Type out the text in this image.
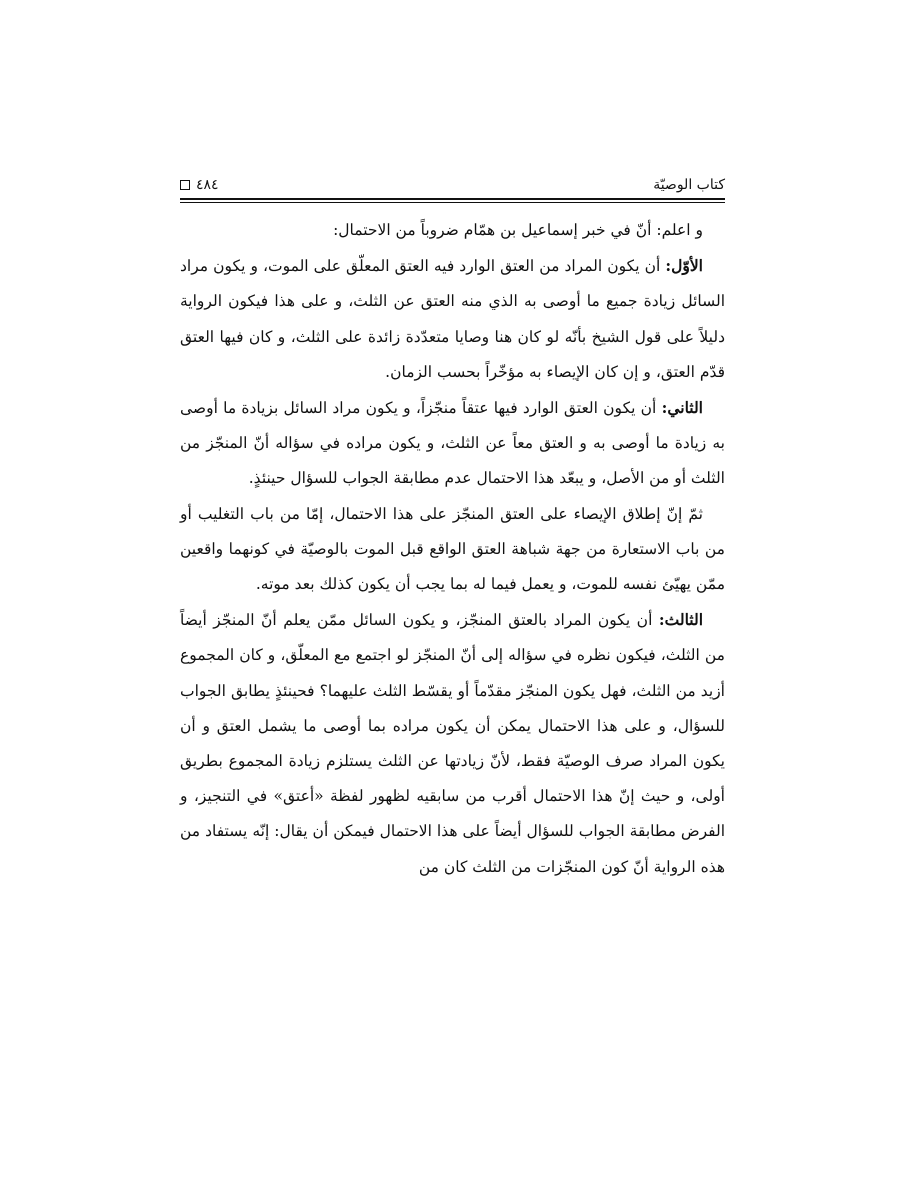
كتاب الوصيّة
٤٨٤

و اعلم: أنّ في خبر إسماعيل بن همّام ضروباً من الاحتمال:

الأوّل: أن يكون المراد من العتق الوارد فيه العتق المعلّق على الموت، و يكون مراد السائل زيادة جميع ما أوصى به الذي منه العتق عن الثلث، و على هذا فيكون الرواية دليلاً على قول الشيخ بأنّه لو كان هنا وصايا متعدّدة زائدة على الثلث، و كان فيها العتق قدّم العتق، و إن كان الإيصاء به مؤخّراً بحسب الزمان.

الثاني: أن يكون العتق الوارد فيها عتقاً منجّزاً، و يكون مراد السائل بزيادة ما أوصى به زيادة ما أوصى به و العتق معاً عن الثلث، و يكون مراده في سؤاله أنّ المنجّز من الثلث أو من الأصل، و يبعّد هذا الاحتمال عدم مطابقة الجواب للسؤال حينئذٍ.

ثمّ إنّ إطلاق الإيصاء على العتق المنجّز على هذا الاحتمال، إمّا من باب التغليب أو من باب الاستعارة من جهة شباهة العتق الواقع قبل الموت بالوصيّة في كونهما واقعين ممّن يهيّئ نفسه للموت، و يعمل فيما له بما يجب أن يكون كذلك بعد موته.

الثالث: أن يكون المراد بالعتق المنجّز، و يكون السائل ممّن يعلم أنّ المنجّز أيضاً من الثلث، فيكون نظره في سؤاله إلى أنّ المنجّز لو اجتمع مع المعلّق، و كان المجموع أزيد من الثلث، فهل يكون المنجّز مقدّماً أو يقسّط الثلث عليهما؟ فحينئذٍ يطابق الجواب للسؤال، و على هذا الاحتمال يمكن أن يكون مراده بما أوصى ما يشمل العتق و أن يكون المراد صرف الوصيّة فقط، لأنّ زيادتها عن الثلث يستلزم زيادة المجموع بطريق أولى، و حيث إنّ هذا الاحتمال أقرب من سابقيه لظهور لفظة «أعتق» في التنجيز، و الفرض مطابقة الجواب للسؤال أيضاً على هذا الاحتمال فيمكن أن يقال: إنّه يستفاد من هذه الرواية أنّ كون المنجّزات من الثلث كان من
